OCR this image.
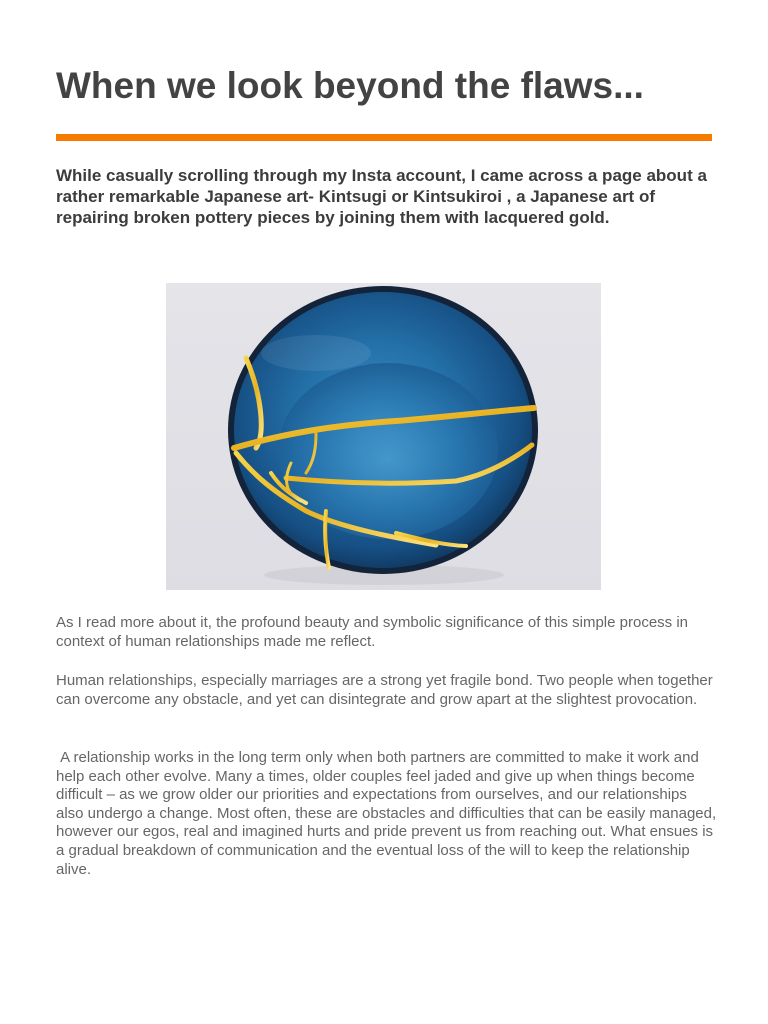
When we look beyond the flaws...

While casually scrolling through my Insta account, I came across a page about a rather remarkable Japanese art- Kintsugi or Kintsukiroi , a Japanese art of repairing broken pottery pieces by joining them with lacquered gold.

As I read more about it, the profound beauty and symbolic significance of this simple process in context of human relationships made me reflect.

Human relationships, especially marriages are a strong yet fragile bond. Two people when together can overcome any obstacle, and yet can disintegrate and grow apart at the slightest provocation.

A relationship works in the long term only when both partners are committed to make it work and help each other evolve. Many a times, older couples feel jaded and give up when things become difficult – as we grow older our priorities and expectations from ourselves, and our relationships also undergo a change. Most often, these are obstacles and difficulties that can be easily managed, however our egos, real and imagined hurts and pride prevent us from reaching out. What ensues is a gradual breakdown of communication and the eventual loss of the will to keep the relationship alive.
